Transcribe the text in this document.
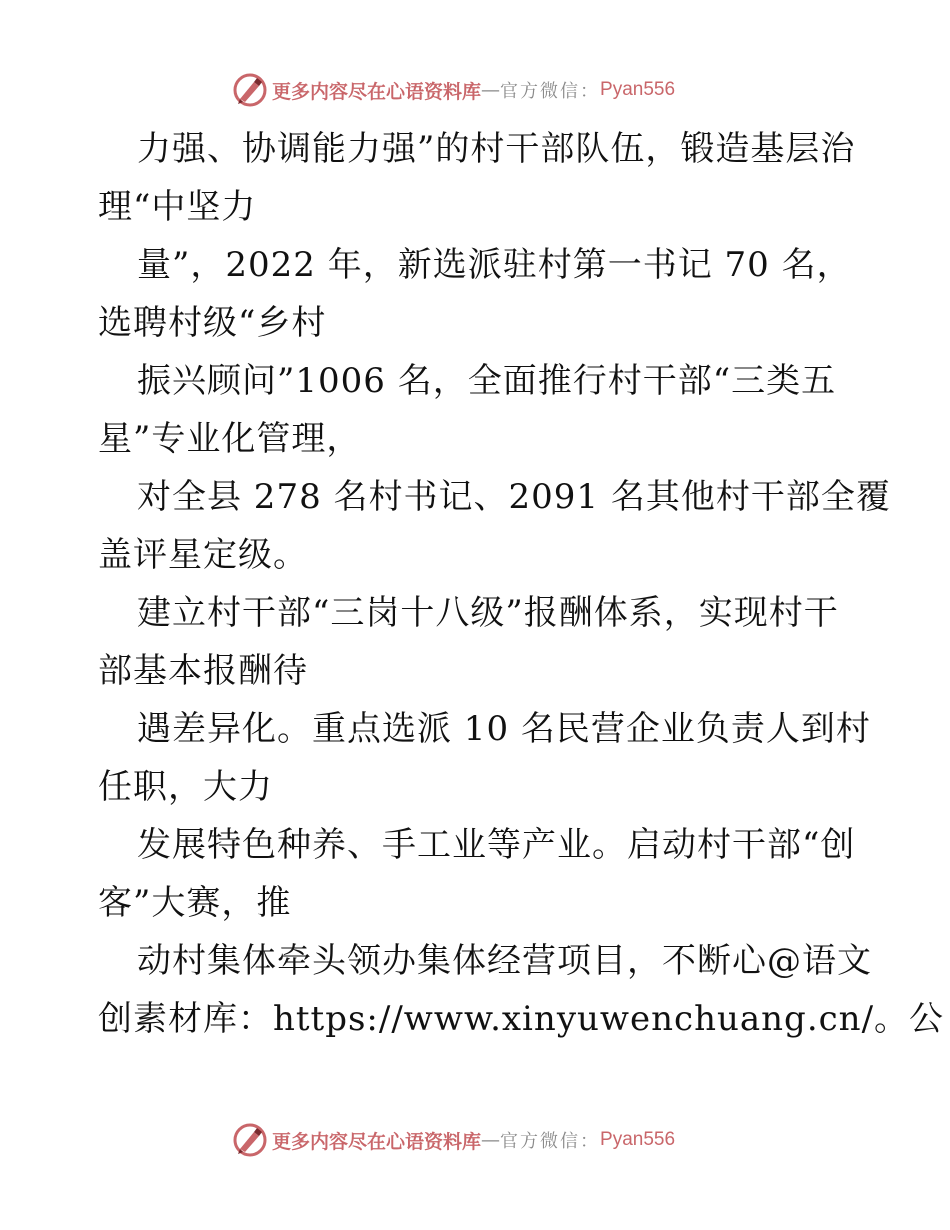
更多内容尽在心语资料库 — 官方微信： Pyan556
力强、协调能力强”的村干部队伍，锻造基层治
理“中坚力
量”，2022 年，新选派驻村第一书记 70 名，
选聘村级“乡村
振兴顾问”1006 名，全面推行村干部“三类五
星”专业化管理，
对全县 278 名村书记、2091 名其他村干部全覆
盖评星定级。
建立村干部“三岗十八级”报酬体系，实现村干
部基本报酬待
遇差异化。重点选派 10 名民营企业负责人到村
任职，大力
发展特色种养、手工业等产业。启动村干部“创
客”大赛，推
动村集体牵头领办集体经营项目，不断心@语文
创素材库：https://www.xinyuwenchuang.cn/。公
更多内容尽在心语资料库 — 官方微信： Pyan556
